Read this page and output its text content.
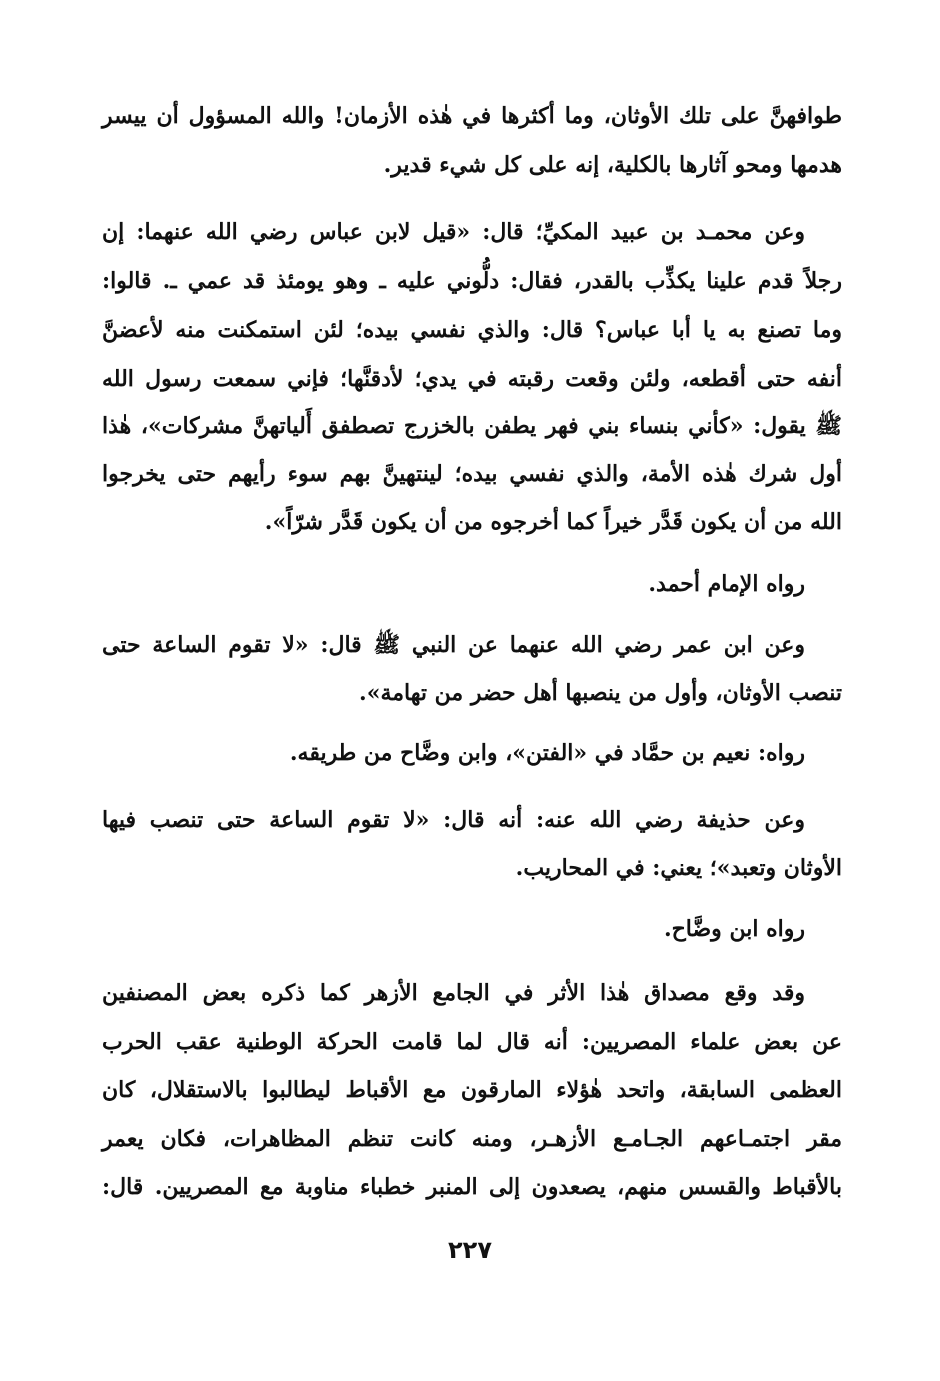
طوافهنَّ على تلك الأوثان، وما أكثرها في هٰذه الأزمان! والله المسؤول أن ييسر
هدمها ومحو آثارها بالكلية، إنه على كل شيء قدير.
وعن محمـد بن عبيد المكيِّ؛ قال: «قيل لابن عباس رضي الله عنهما: إن
رجلاً قدم علينا يكذِّب بالقدر، فقال: دلُّوني عليه ـ وهو يومئذ قد عمي ـ. قالوا:
وما تصنع به يا أبا عباس؟ قال: والذي نفسي بيده؛ لئن استمكنت منه لأعضنَّ
أنفه حتى أقطعه، ولئن وقعت رقبته في يدي؛ لأدقنَّها؛ فإني سمعت رسول الله
ﷺ يقول: «كأني بنساء بني فهر يطفن بالخزرج تصطفق أَلياتهنَّ مشركات»، هٰذا
أول شرك هٰذه الأمة، والذي نفسي بيده؛ لينتهينَّ بهم سوء رأيهم حتى يخرجوا
الله من أن يكون قَدَّر خيراً كما أخرجوه من أن يكون قَدَّر شرّاً».
رواه الإمام أحمد.
وعن ابن عمر رضي الله عنهما عن النبي ﷺ قال: «لا تقوم الساعة حتى
تنصب الأوثان، وأول من ينصبها أهل حضر من تهامة».
رواه: نعيم بن حمَّاد في «الفتن»، وابن وضَّاح من طريقه.
وعن حذيفة رضي الله عنه: أنه قال: «لا تقوم الساعة حتى تنصب فيها
الأوثان وتعبد»؛ يعني: في المحاريب.
رواه ابن وضَّاح.
وقد وقع مصداق هٰذا الأثر في الجامع الأزهر كما ذكره بعض المصنفين
عن بعض علماء المصريين: أنه قال لما قامت الحركة الوطنية عقب الحرب
العظمى السابقة، واتحد هٰؤلاء المارقون مع الأقباط ليطالبوا بالاستقلال، كان
مقر اجتمـاعهم الجـامـع الأزهـر، ومنه كانت تنظم المظاهرات، فكان يعمر
بالأقباط والقسس منهم، يصعدون إلى المنبر خطباء مناوبة مع المصريين. قال:
٢٢٧
